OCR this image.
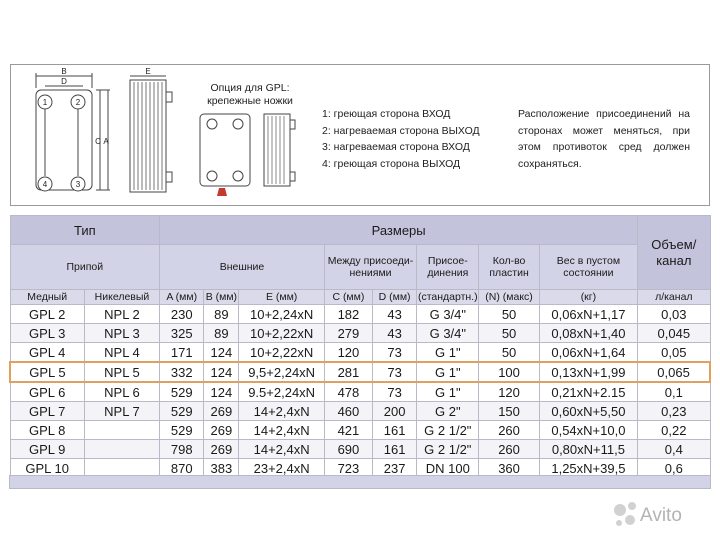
1	2
4	3
B
D
E
C A
Опция для GPL:
крепежные ножки
1: греющая сторона ВХОД
2: нагреваемая сторона ВЫХОД
3: нагреваемая сторона ВХОД
4: греющая сторона ВЫХОД
Расположение присоединений на сторонах может меняться, при этом противоток сред должен сохраняться.
Тип		Размеры								Объем/ канал
Припой		Внешние			Между присоеди-нениями		Присое-динения	Кол-во пластин	Вес в пустом состоянии	
Медный	Никелевый	A (мм)	B (мм)	E (мм)	C (мм)	D (мм)	(стандартн.)	(N) (макс)	(кг)	л/канал
GPL 2	NPL 2	230	89	10+2,24xN	182	43	G 3/4"	50	0,06xN+1,17	0,03
GPL 3	NPL 3	325	89	10+2,22xN	279	43	G 3/4"	50	0,08xN+1,40	0,045
GPL 4	NPL 4	171	124	10+2,22xN	120	73	G 1"	50	0,06xN+1,64	0,05
GPL 5	NPL 5	332	124	9,5+2,24xN	281	73	G 1"	100	0,13xN+1,99	0,065
GPL 6	NPL 6	529	124	9.5+2,24xN	478	73	G 1"	120	0,21xN+2.15	0,1
GPL 7	NPL 7	529	269	14+2,4xN	460	200	G 2"	150	0,60xN+5,50	0,23
GPL 8		529	269	14+2,4xN	421	161	G 2 1/2"	260	0,54xN+10,0	0,22
GPL 9		798	269	14+2,4xN	690	161	G 2 1/2"	260	0,80xN+11,5	0,4
GPL 10		870	383	23+2,4xN	723	237	DN 100	360	1,25xN+39,5	0,6
Avito
